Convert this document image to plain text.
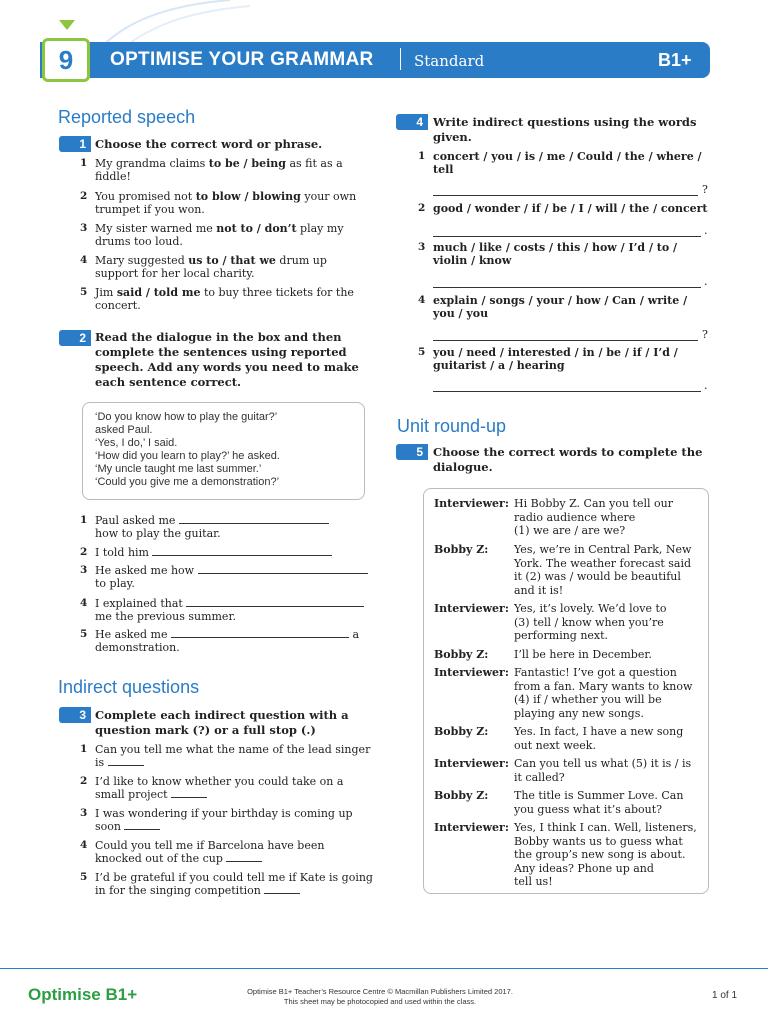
9	OPTIMISE YOUR GRAMMAR	Standard	B1+
Reported speech
1 Choose the correct word or phrase.
1 My grandma claims to be / being as fit as a fiddle!
2 You promised not to blow / blowing your own trumpet if you won.
3 My sister warned me not to / don’t play my drums too loud.
4 Mary suggested us to / that we drum up support for her local charity.
5 Jim said / told me to buy three tickets for the concert.
2 Read the dialogue in the box and then complete the sentences using reported speech. Add any words you need to make each sentence correct.
‘Do you know how to play the guitar?’
asked Paul.
‘Yes, I do,’ I said.
‘How did you learn to play?’ he asked.
‘My uncle taught me last summer.’
‘Could you give me a demonstration?’
1 Paul asked me
how to play the guitar.
2 I told him
3 He asked me how
to play.
4 I explained that
me the previous summer.
5 He asked me	a
demonstration.
Indirect questions
3 Complete each indirect question with a question mark (?) or a full stop (.)
1 Can you tell me what the name of the lead singer
is
2 I’d like to know whether you could take on a
small project
3 I was wondering if your birthday is coming up
soon
4 Could you tell me if Barcelona have been
knocked out of the cup
5 I’d be grateful if you could tell me if Kate is going
in for the singing competition
4 Write indirect questions using the words given.
1 concert / you / is / me / Could / the / where /
tell
?
2 good / wonder / if / be / I / will / the / concert
.
3 much / like / costs / this / how / I’d / to /
violin / know
.
4 explain / songs / your / how / Can / write /
you / you
?
5 you / need / interested / in / be / if / I’d /
guitarist / a / hearing
.
Unit round-up
5 Choose the correct words to complete the dialogue.
Interviewer: Hi Bobby Z. Can you tell our
radio audience where
(1) we are / are we?
Bobby Z: Yes, we’re in Central Park, New
York. The weather forecast said
it (2) was / would be beautiful
and it is!
Interviewer: Yes, it’s lovely. We’d love to
(3) tell / know when you’re
performing next.
Bobby Z: I’ll be here in December.
Interviewer: Fantastic! I’ve got a question
from a fan. Mary wants to know
(4) if / whether you will be
playing any new songs.
Bobby Z: Yes. In fact, I have a new song
out next week.
Interviewer: Can you tell us what (5) it is / is
it called?
Bobby Z: The title is Summer Love. Can
you guess what it’s about?
Interviewer: Yes, I think I can. Well, listeners,
Bobby wants us to guess what
the group’s new song is about.
Any ideas? Phone up and
tell us!
Optimise B1+	Optimise B1+ Teacher’s Resource Centre © Macmillan Publishers Limited 2017.
This sheet may be photocopied and used within the class.
1 of 1
